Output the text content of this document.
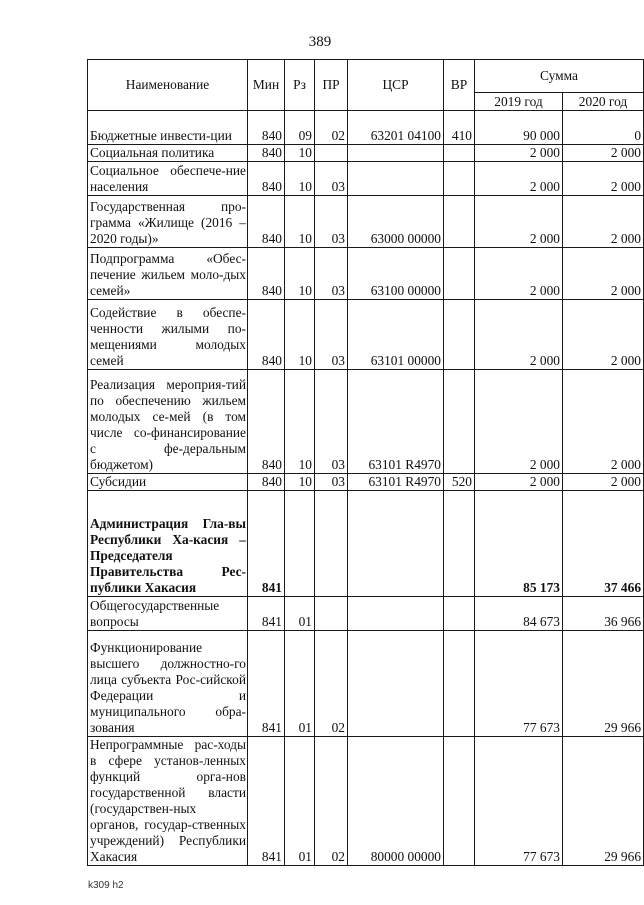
389
Наименование	Мин	Рз	ПР	ЦСР	ВР	Сумма	
						2019 год	2020 год
Бюджетные инвести-ции	840	09	02	63201 04100	410	90 000	0
Социальная политика	840	10				2 000	2 000
Социальное обеспече-ние населения	840	10	03			2 000	2 000
Государственная про-грамма «Жилище (2016 – 2020 годы)»	840	10	03	63000 00000		2 000	2 000
Подпрограмма «Обес-печение жильем моло-дых семей»	840	10	03	63100 00000		2 000	2 000
Содействие в обеспе-ченности жилыми по-мещениями молодых семей	840	10	03	63101 00000		2 000	2 000
Реализация мероприя-тий по обеспечению жильем молодых се-мей (в том числе со-финансирование с фе-деральным бюджетом)	840	10	03	63101 R4970		2 000	2 000
Субсидии	840	10	03	63101 R4970	520	2 000	2 000
Администрация Гла-вы Республики Ха-касия – Председателя Правительства Рес-публики Хакасия	841					85 173	37 466
Общегосударственные вопросы	841	01				84 673	36 966
Функционирование высшего должностно-го лица субъекта Рос-сийской Федерации и муниципального обра-зования	841	01	02			77 673	29 966
Непрограммные рас-ходы в сфере установ-ленных функций орга-нов государственной власти (государствен-ных органов, государ-ственных учреждений) Республики Хакасия	841	01	02	80000 00000		77 673	29 966
k309 h2
